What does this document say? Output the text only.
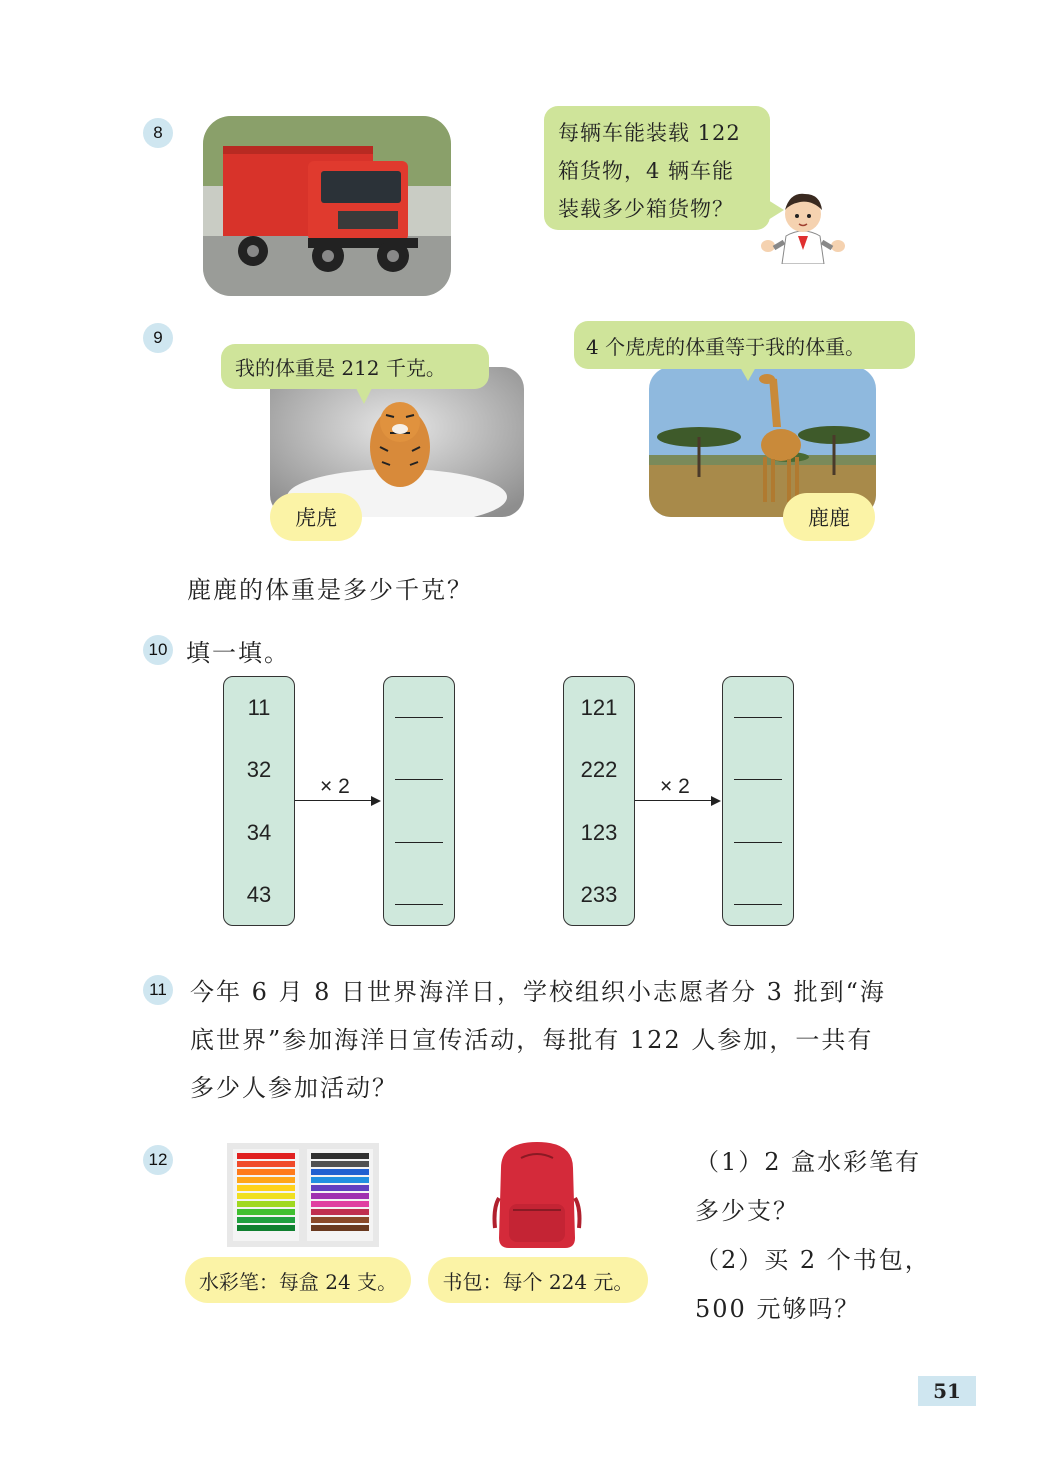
8	每辆车能装载 122
箱货物，4 辆车能
装载多少箱货物？
9
我的体重是 212 千克。
虎虎
4 个虎虎的体重等于我的体重。
鹿鹿
鹿鹿的体重是多少千克？
10 填一填。
11
32
34
43
× 2
121
222
123
233
× 2
11 今年 6 月 8 日世界海洋日，学校组织小志愿者分 3 批到“海
底世界”参加海洋日宣传活动，每批有 122 人参加，一共有
多少人参加活动？
12
水彩笔：每盒 24 支。 书包：每个 224 元。
（1）2 盒水彩笔有
多少支？
（2）买 2 个书包，
500 元够吗？
51
